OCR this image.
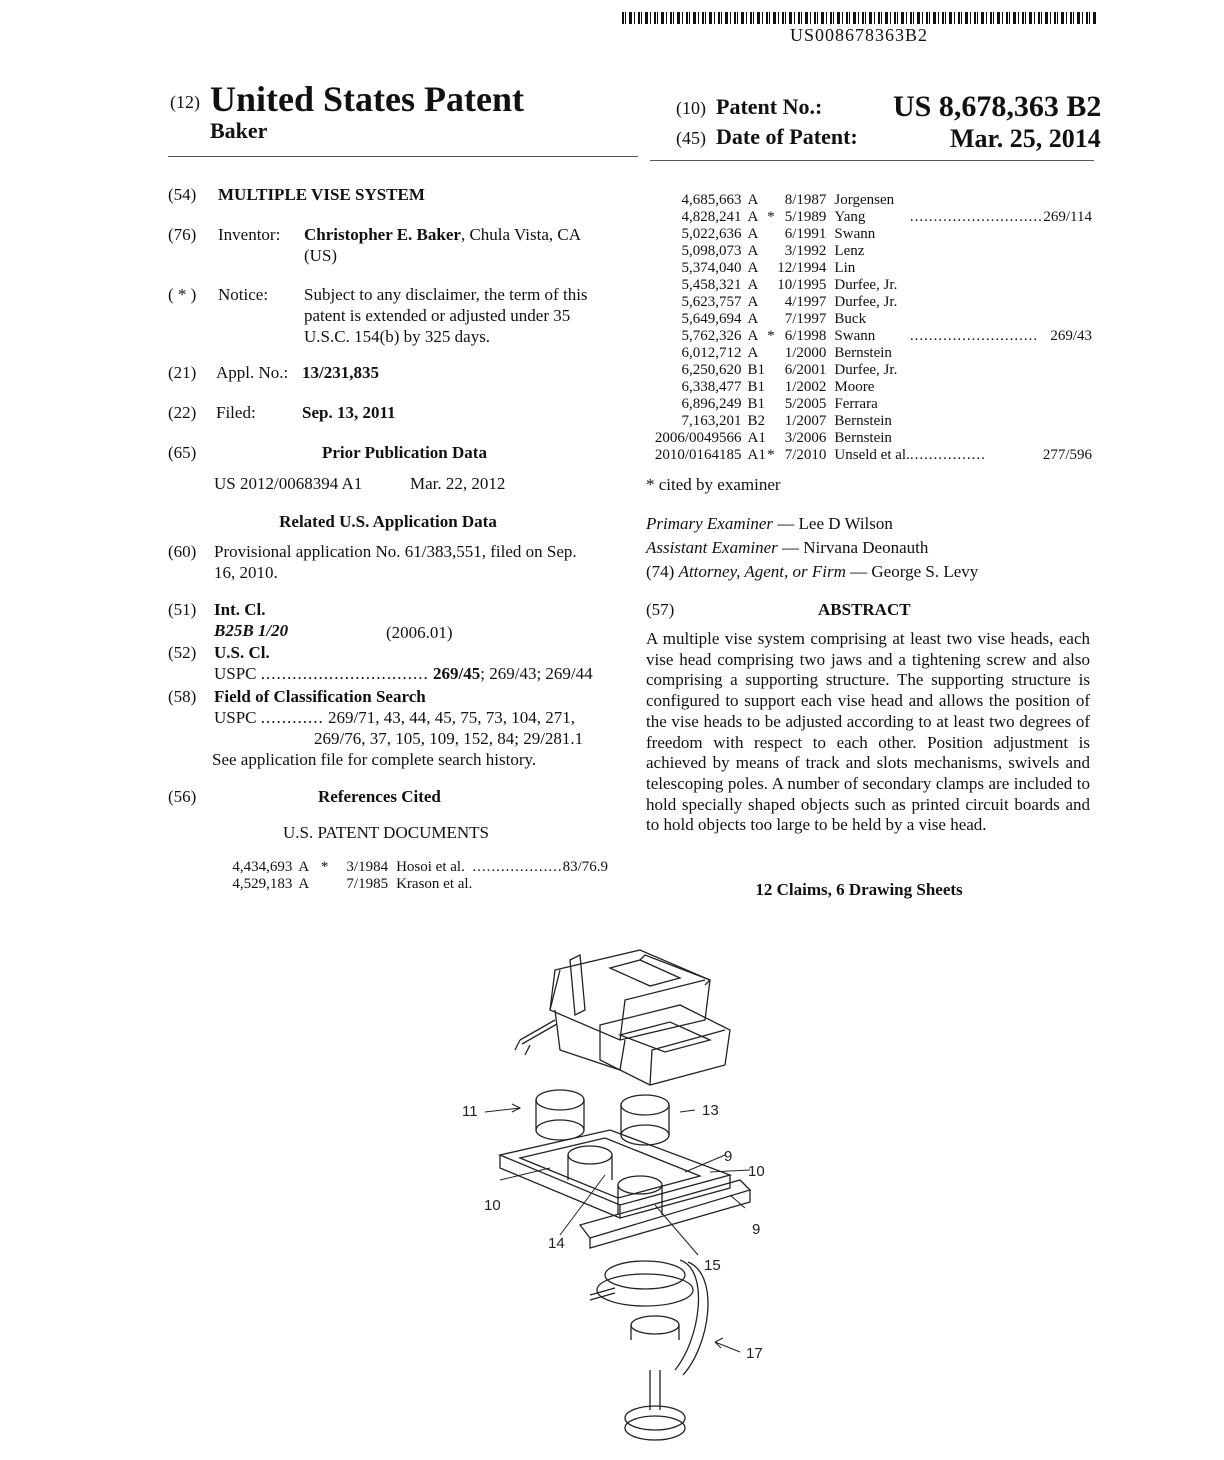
US008678363B2
(12) United States Patent
Baker
(10) Patent No.: US 8,678,363 B2
(45) Date of Patent:	Mar. 25, 2014
(54) MULTIPLE VISE SYSTEM
(76) Inventor: Christopher E. Baker, Chula Vista, CA
(US)
( * ) Notice: Subject to any disclaimer, the term of this
patent is extended or adjusted under 35
U.S.C. 154(b) by 325 days.
(21) Appl. No.: 13/231,835
(22) Filed:	Sep. 13, 2011
(65)	Prior Publication Data
US 2012/0068394 A1	Mar. 22, 2012
Related U.S. Application Data
(60) Provisional application No. 61/383,551, filed on Sep.
16, 2010.
(51) Int. Cl.
B25B 1/20	(2006.01)
(52) U.S. Cl.
USPC ................................ 269/45; 269/43; 269/44
(58) Field of Classification Search
USPC ............ 269/71, 43, 44, 45, 75, 73, 104, 271,
269/76, 37, 105, 109, 152, 84; 29/281.1
See application file for complete search history.
(56)	References Cited
U.S. PATENT DOCUMENTS
4,434,693	A	*	3/1984	Hosoi et al.	...................	83/76.9
4,529,183	A		7/1985	Krason et al.		
4,685,663	A		8/1987	Jorgensen		
4,828,241	A	*	5/1989	Yang	............................	269/114
5,022,636	A		6/1991	Swann		
5,098,073	A		3/1992	Lenz		
5,374,040	A		12/1994	Lin		
5,458,321	A		10/1995	Durfee, Jr.		
5,623,757	A		4/1997	Durfee, Jr.		
5,649,694	A		7/1997	Buck		
5,762,326	A	*	6/1998	Swann	...........................	269/43
6,012,712	A		1/2000	Bernstein		
6,250,620	B1		6/2001	Durfee, Jr.		
6,338,477	B1		1/2002	Moore		
6,896,249	B1		5/2005	Ferrara		
7,163,201	B2		1/2007	Bernstein		
2006/0049566	A1		3/2006	Bernstein		
2010/0164185	A1	*	7/2010	Unseld et al.	................	277/596
* cited by examiner
Primary Examiner — Lee D Wilson
Assistant Examiner — Nirvana Deonauth
(74) Attorney, Agent, or Firm — George S. Levy
(57)	ABSTRACT
A multiple vise system comprising at least two vise heads, each vise head comprising two jaws and a tightening screw and also comprising a supporting structure. The supporting structure is configured to support each vise head and allows the position of the vise heads to be adjusted according to at least two degrees of freedom with respect to each other. Position adjustment is achieved by means of track and slots mechanisms, swivels and telescoping poles. A number of secondary clamps are included to hold specially shaped objects such as printed circuit boards and to hold objects too large to be held by a vise head.
12 Claims, 6 Drawing Sheets
11	13
9
10
10
9
14
15
17
